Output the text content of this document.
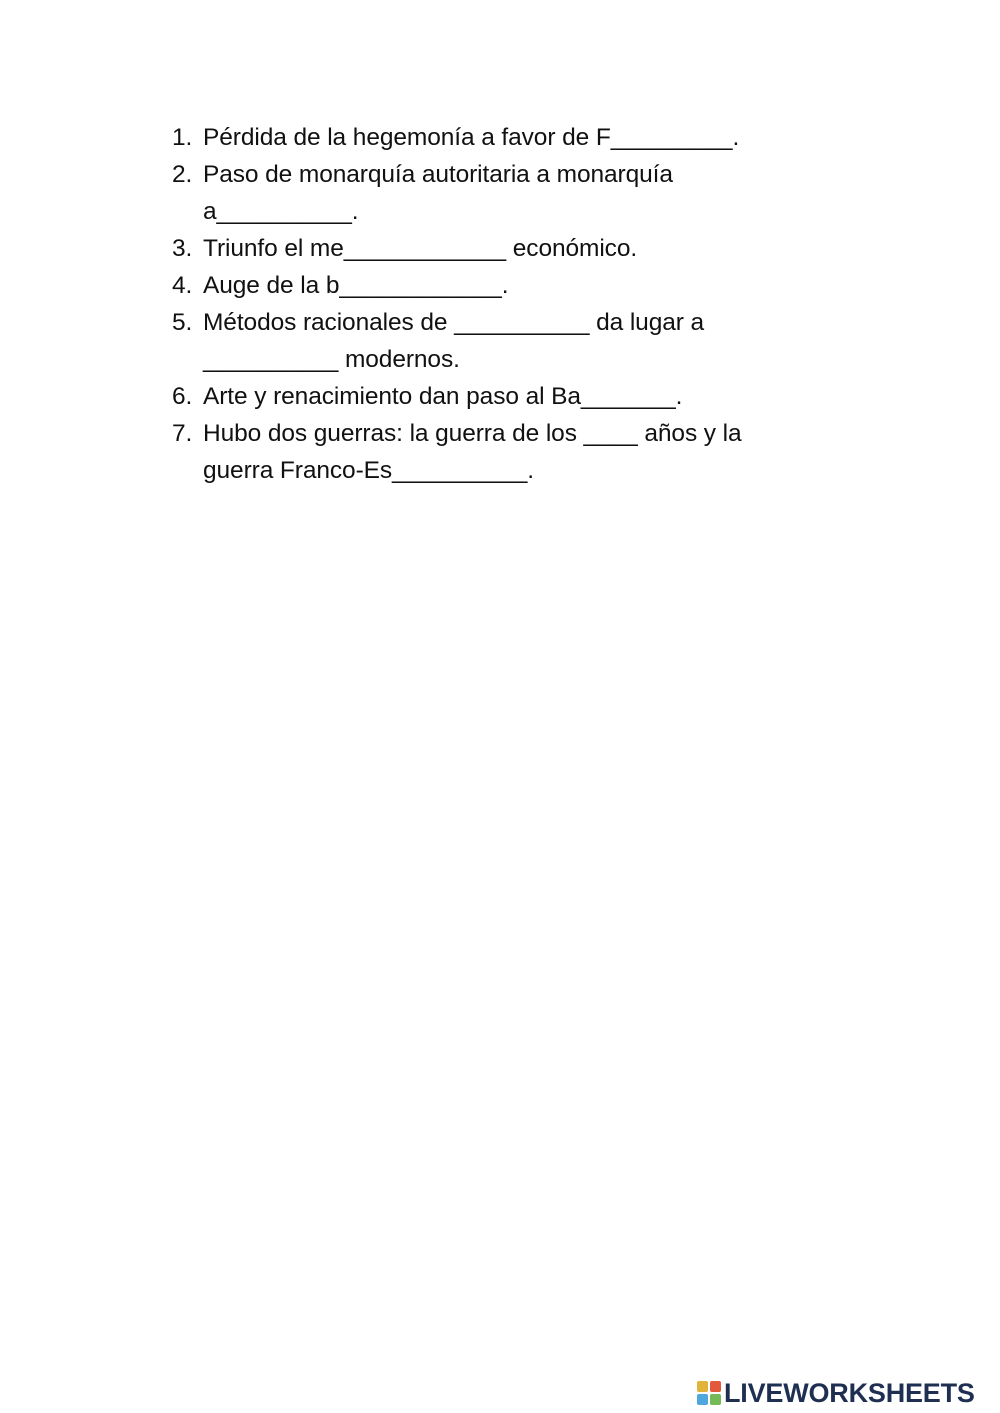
1. Pérdida de la hegemonía a favor de F_________.
2. Paso de monarquía autoritaria a monarquía
a__________.
3. Triunfo el me____________ económico.
4. Auge de la b____________.
5. Métodos racionales de __________ da lugar a
__________ modernos.
6. Arte y renacimiento dan paso al Ba_______.
7. Hubo dos guerras: la guerra de los ____ años y la
guerra Franco-Es__________.
LIVEWORKSHEETS
